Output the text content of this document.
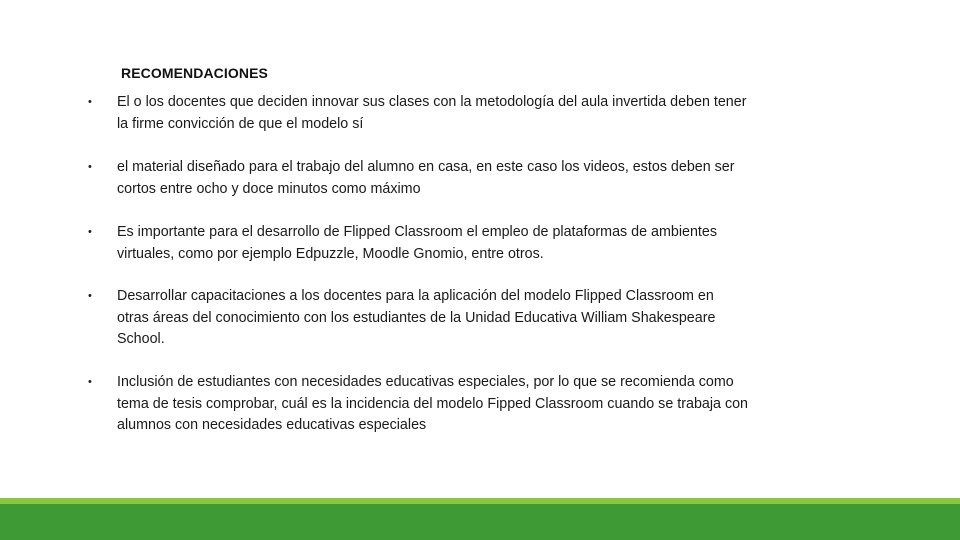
RECOMENDACIONES
•	El o los docentes que deciden innovar sus clases con la metodología del aula invertida deben tener la firme convicción de que el modelo sí
•	el material diseñado para el trabajo del alumno en casa, en este caso los videos, estos deben ser cortos entre ocho y doce minutos como máximo
•	Es importante para el desarrollo de Flipped Classroom el empleo de plataformas de ambientes virtuales, como por ejemplo Edpuzzle, Moodle Gnomio, entre otros.
•	Desarrollar capacitaciones a los docentes para la aplicación del modelo Flipped Classroom en otras áreas del conocimiento con los estudiantes de la Unidad Educativa William Shakespeare School.
•	Inclusión de estudiantes con necesidades educativas especiales, por lo que se recomienda como tema de tesis comprobar, cuál es la incidencia del modelo Fipped Classroom cuando se trabaja con alumnos con necesidades educativas especiales
